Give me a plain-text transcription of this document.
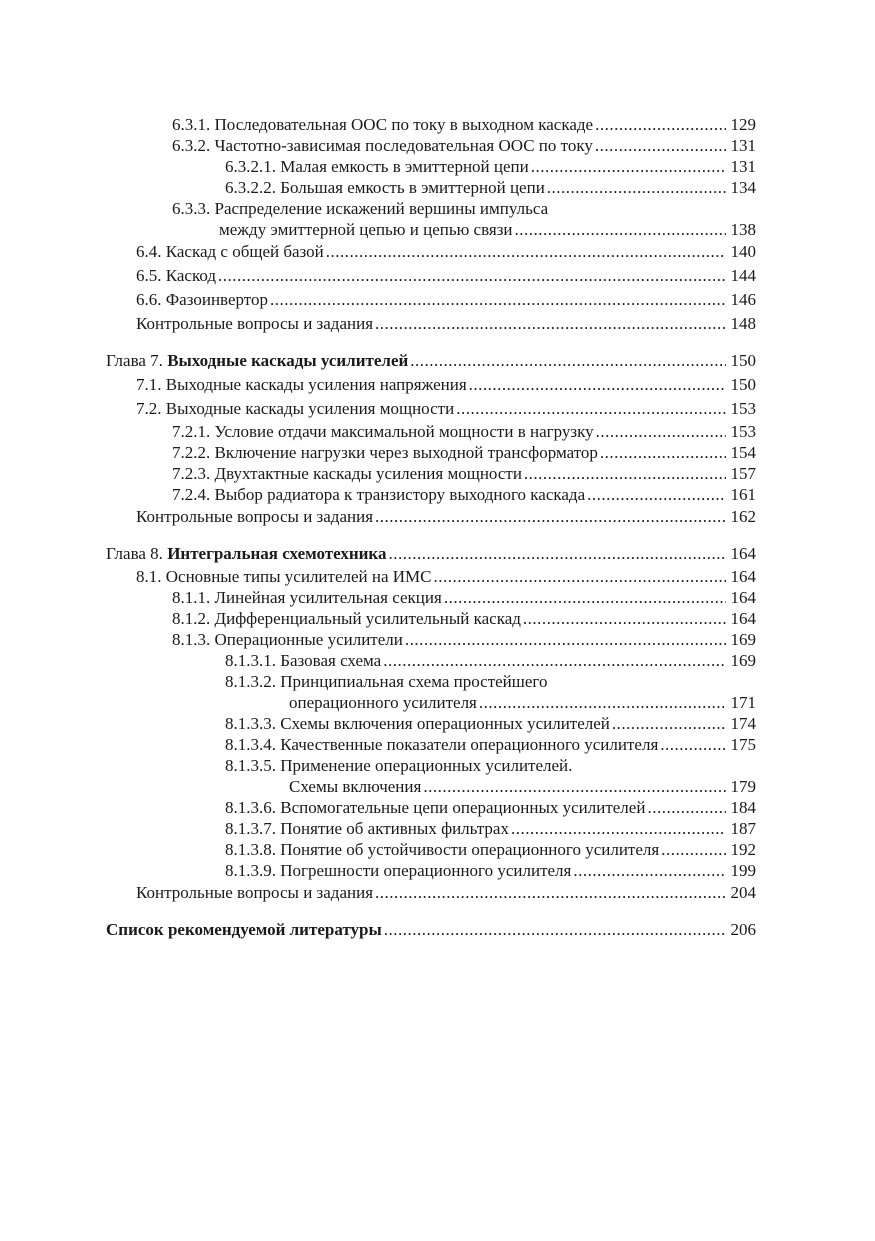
6.3.1. Последовательная ООС по току в выходном каскаде .....	129
6.3.2. Частотно-зависимая последовательная ООС по току .....	131
6.3.2.1. Малая емкость в эмиттерной цепи .....	131
6.3.2.2. Большая емкость в эмиттерной цепи .....	134
6.3.3. Распределение искажений вершины импульса
между эмиттерной цепью и цепью связи .....	138
6.4. Каскад с общей базой .....	140
6.5. Каскод .....	144
6.6. Фазоинвертор .....	146
Контрольные вопросы и задания .....	148
Глава 7. Выходные каскады усилителей .....	150
7.1. Выходные каскады усиления напряжения .....	150
7.2. Выходные каскады усиления мощности .....	153
7.2.1. Условие отдачи максимальной мощности в нагрузку .....	153
7.2.2. Включение нагрузки через выходной трансформатор .....	154
7.2.3. Двухтактные каскады усиления мощности .....	157
7.2.4. Выбор радиатора к транзистору выходного каскада .....	161
Контрольные вопросы и задания .....	162
Глава 8. Интегральная схемотехника .....	164
8.1. Основные типы усилителей на ИМС .....	164
8.1.1. Линейная усилительная секция .....	164
8.1.2. Дифференциальный усилительный каскад .....	164
8.1.3. Операционные усилители .....	169
8.1.3.1. Базовая схема .....	169
8.1.3.2. Принципиальная схема простейшего
операционного усилителя .....	171
8.1.3.3. Схемы включения операционных усилителей .....	174
8.1.3.4. Качественные показатели операционного усилителя .....	175
8.1.3.5. Применение операционных усилителей.
Схемы включения .....	179
8.1.3.6. Вспомогательные цепи операционных усилителей .....	184
8.1.3.7. Понятие об активных фильтрах .....	187
8.1.3.8. Понятие об устойчивости операционного усилителя .....	192
8.1.3.9. Погрешности операционного усилителя .....	199
Контрольные вопросы и задания .....	204
Список рекомендуемой литературы .....	206
